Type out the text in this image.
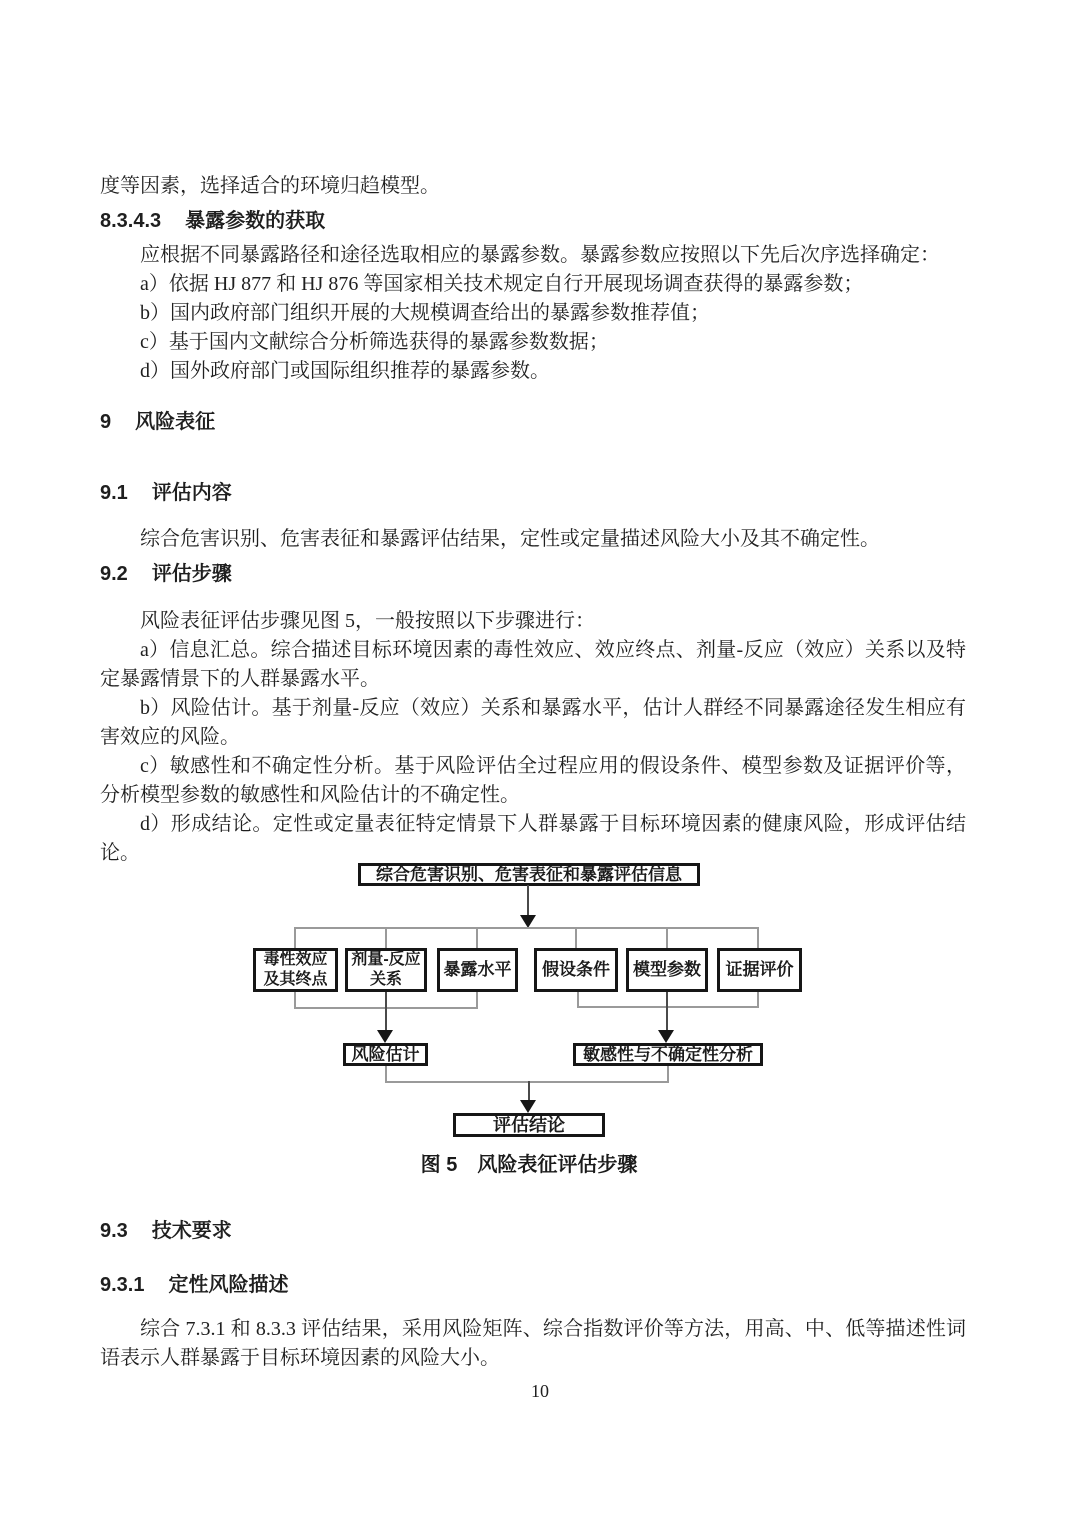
度等因素，选择适合的环境归趋模型。

8.3.4.3 暴露参数的获取

应根据不同暴露路径和途径选取相应的暴露参数。暴露参数应按照以下先后次序选择确定：

a）依据 HJ 877 和 HJ 876 等国家相关技术规定自行开展现场调查获得的暴露参数；

b）国内政府部门组织开展的大规模调查给出的暴露参数推荐值；

c）基于国内文献综合分析筛选获得的暴露参数数据；

d）国外政府部门或国际组织推荐的暴露参数。

9 风险表征
9.1 评估内容

综合危害识别、危害表征和暴露评估结果，定性或定量描述风险大小及其不确定性。

9.2 评估步骤

风险表征评估步骤见图 5，一般按照以下步骤进行：

a）信息汇总。综合描述目标环境因素的毒性效应、效应终点、剂量-反应（效应）关系以及特定暴露情景下的人群暴露水平。

b）风险估计。基于剂量-反应（效应）关系和暴露水平，估计人群经不同暴露途径发生相应有害效应的风险。

c）敏感性和不确定性分析。基于风险评估全过程应用的假设条件、模型参数及证据评价等，分析模型参数的敏感性和风险估计的不确定性。

d）形成结论。定性或定量表征特定情景下人群暴露于目标环境因素的健康风险，形成评估结论。

综合危害识别、危害表征和暴露评估信息
毒性效应及其终点
剂量-反应关系
暴露水平	假设条件	模型参数	证据评价
风险估计	敏感性与不确定性分析
评估结论
图 5　风险表征评估步骤
9.3 技术要求
9.3.1 定性风险描述

综合 7.3.1 和 8.3.3 评估结果，采用风险矩阵、综合指数评价等方法，用高、中、低等描述性词语表示人群暴露于目标环境因素的风险大小。

10
